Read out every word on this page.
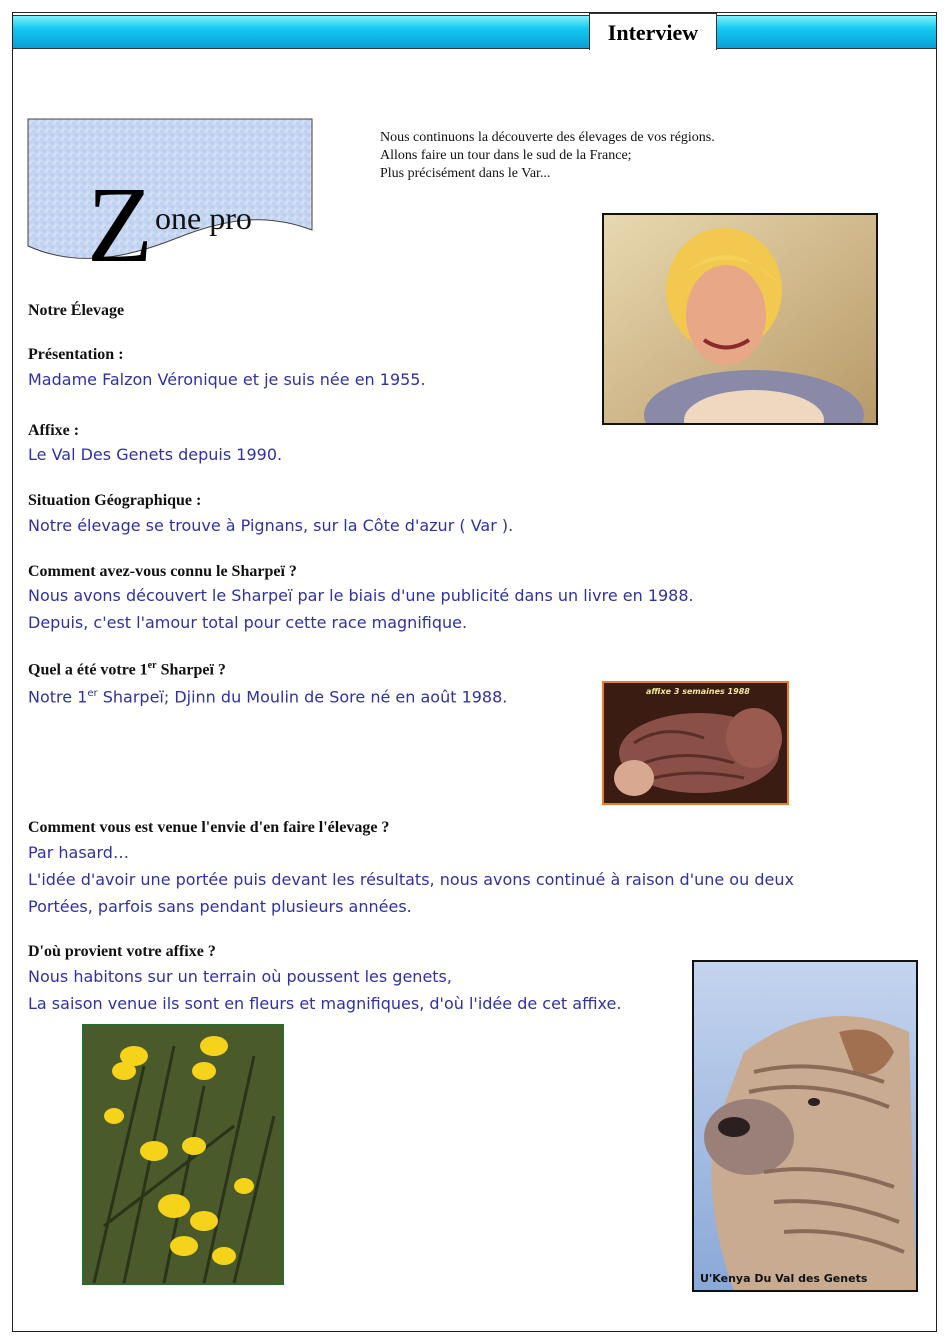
Interview
Nous continuons la découverte des élevages de vos régions.
Allons faire un tour dans le sud de la France;
Plus précisément dans le Var...
Notre Élevage
Présentation :
Madame Falzon Véronique et je suis née en 1955.
Affixe :
Le Val Des Genets depuis 1990.
Situation Géographique :
Notre élevage se trouve à Pignans, sur la Côte d'azur ( Var ).
Comment avez-vous connu le Sharpeï ?
Nous avons découvert le Sharpeï par le biais d'une publicité dans un livre en 1988.
Depuis, c'est l'amour total pour cette race magnifique.
Quel a été votre 1er Sharpeï ?
Notre 1er Sharpeï; Djinn du Moulin de Sore né en août 1988.	affixe 3 semaines 1988
Comment vous est venue l'envie d'en faire l'élevage ?
Par hasard…
L'idée d'avoir une portée puis devant les résultats, nous avons continué à raison d'une ou deux
Portées, parfois sans pendant plusieurs années.
D'où provient votre affixe ?
Nous habitons sur un terrain où poussent les genets,
La saison venue ils sont en fleurs et magnifiques, d'où l'idée de cet affixe.
U'Kenya Du Val des Genets
